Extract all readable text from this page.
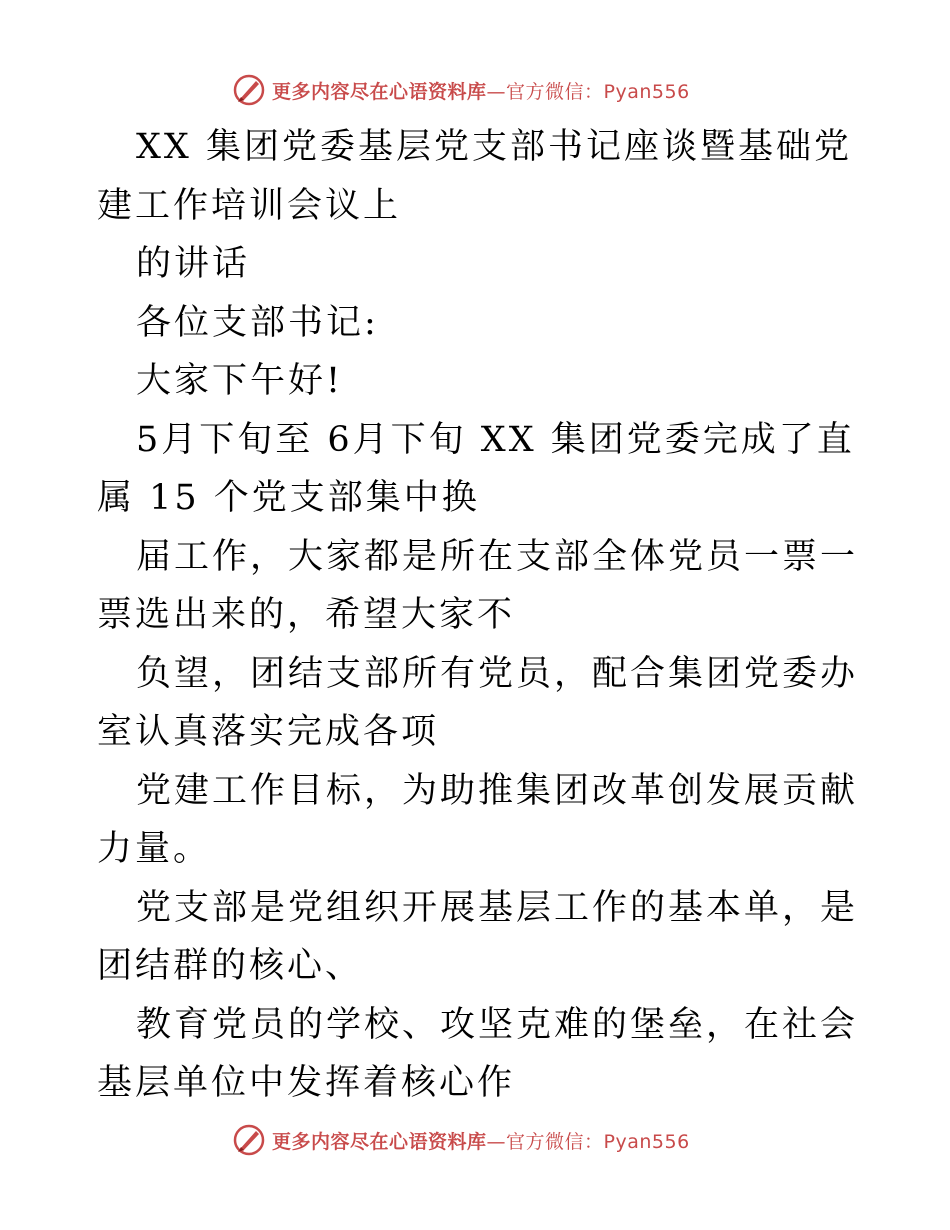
更多内容尽在心语资料库—官方微信：Pyan556

XX 集团党委基层党支部书记座谈暨基础党建工作培训会议上

的讲话

各位支部书记:

大家下午好!

5月下旬至 6月下旬 XX 集团党委完成了直属 15 个党支部集中换

届工作，大家都是所在支部全体党员一票一票选出来的，希望大家不

负望，团结支部所有党员，配合集团党委办室认真落实完成各项

党建工作目标，为助推集团改革创发展贡献力量。

党支部是党组织开展基层工作的基本单，是团结群的核心、

教育党员的学校、攻坚克难的堡垒，在社会基层单位中发挥着核心作

更多内容尽在心语资料库—官方微信：Pyan556
